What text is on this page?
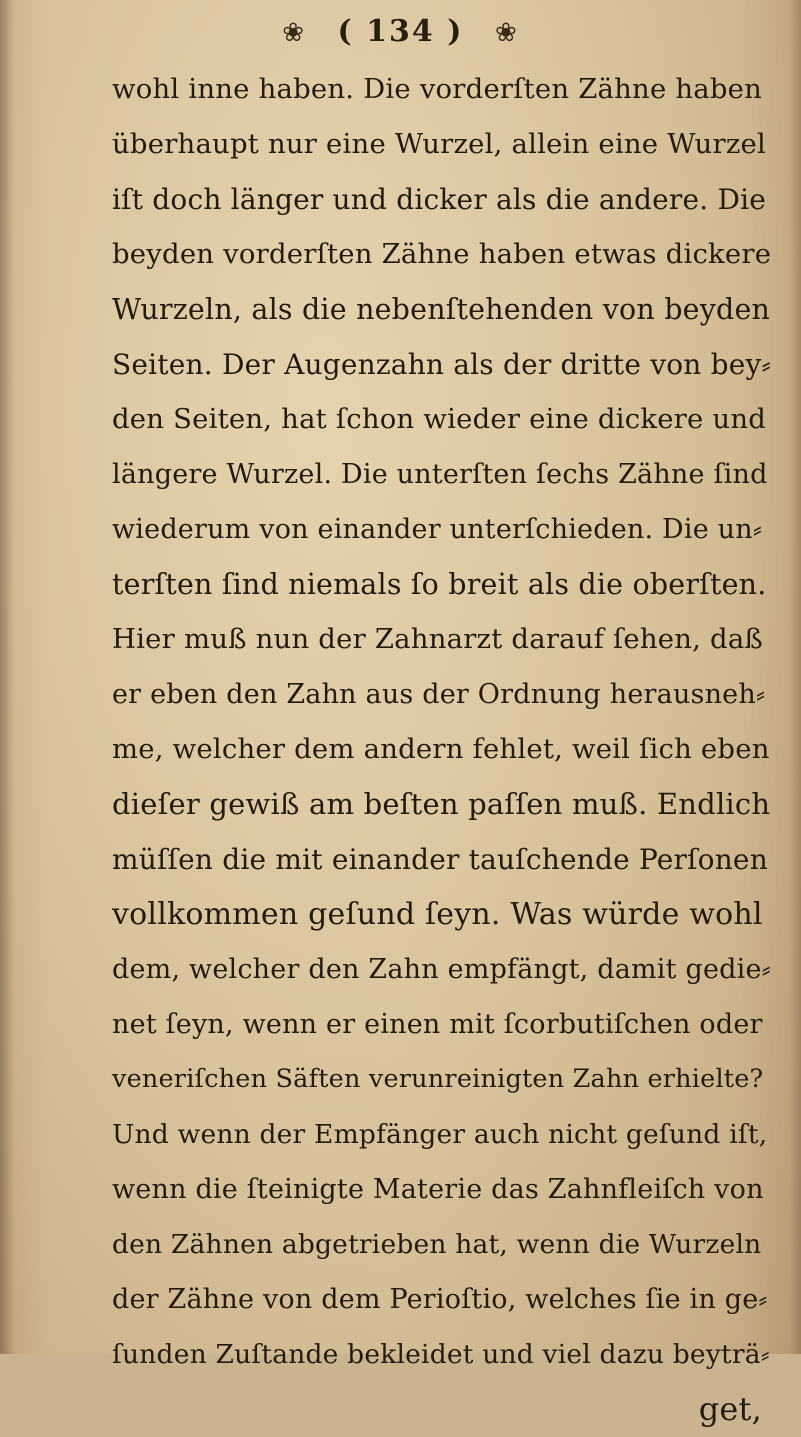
❀ ( 134 ) ❀
wohl inne haben. Die vorderſten Zähne haben
überhaupt nur eine Wurzel, allein eine Wurzel
iſt doch länger und dicker als die andere. Die
beyden vorderſten Zähne haben etwas dickere
Wurzeln, als die nebenſtehenden von beyden
Seiten. Der Augenzahn als der dritte von bey⸗
den Seiten, hat ſchon wieder eine dickere und
längere Wurzel. Die unterſten ſechs Zähne ſind
wiederum von einander unterſchieden. Die un⸗
terſten ſind niemals ſo breit als die oberſten.
Hier muß nun der Zahnarzt darauf ſehen, daß
er eben den Zahn aus der Ordnung herausneh⸗
me, welcher dem andern fehlet, weil ſich eben
dieſer gewiß am beſten paſſen muß. Endlich
müſſen die mit einander tauſchende Perſonen
vollkommen geſund ſeyn. Was würde wohl
dem, welcher den Zahn empfängt, damit gedie⸗
net ſeyn, wenn er einen mit ſcorbutiſchen oder
veneriſchen Säften verunreinigten Zahn erhielte?
Und wenn der Empfänger auch nicht geſund iſt,
wenn die ſteinigte Materie das Zahnfleiſch von
den Zähnen abgetrieben hat, wenn die Wurzeln
der Zähne von dem Perioſtio, welches ſie in ge⸗
ſunden Zuſtande bekleidet und viel dazu beyträ⸗
get,
